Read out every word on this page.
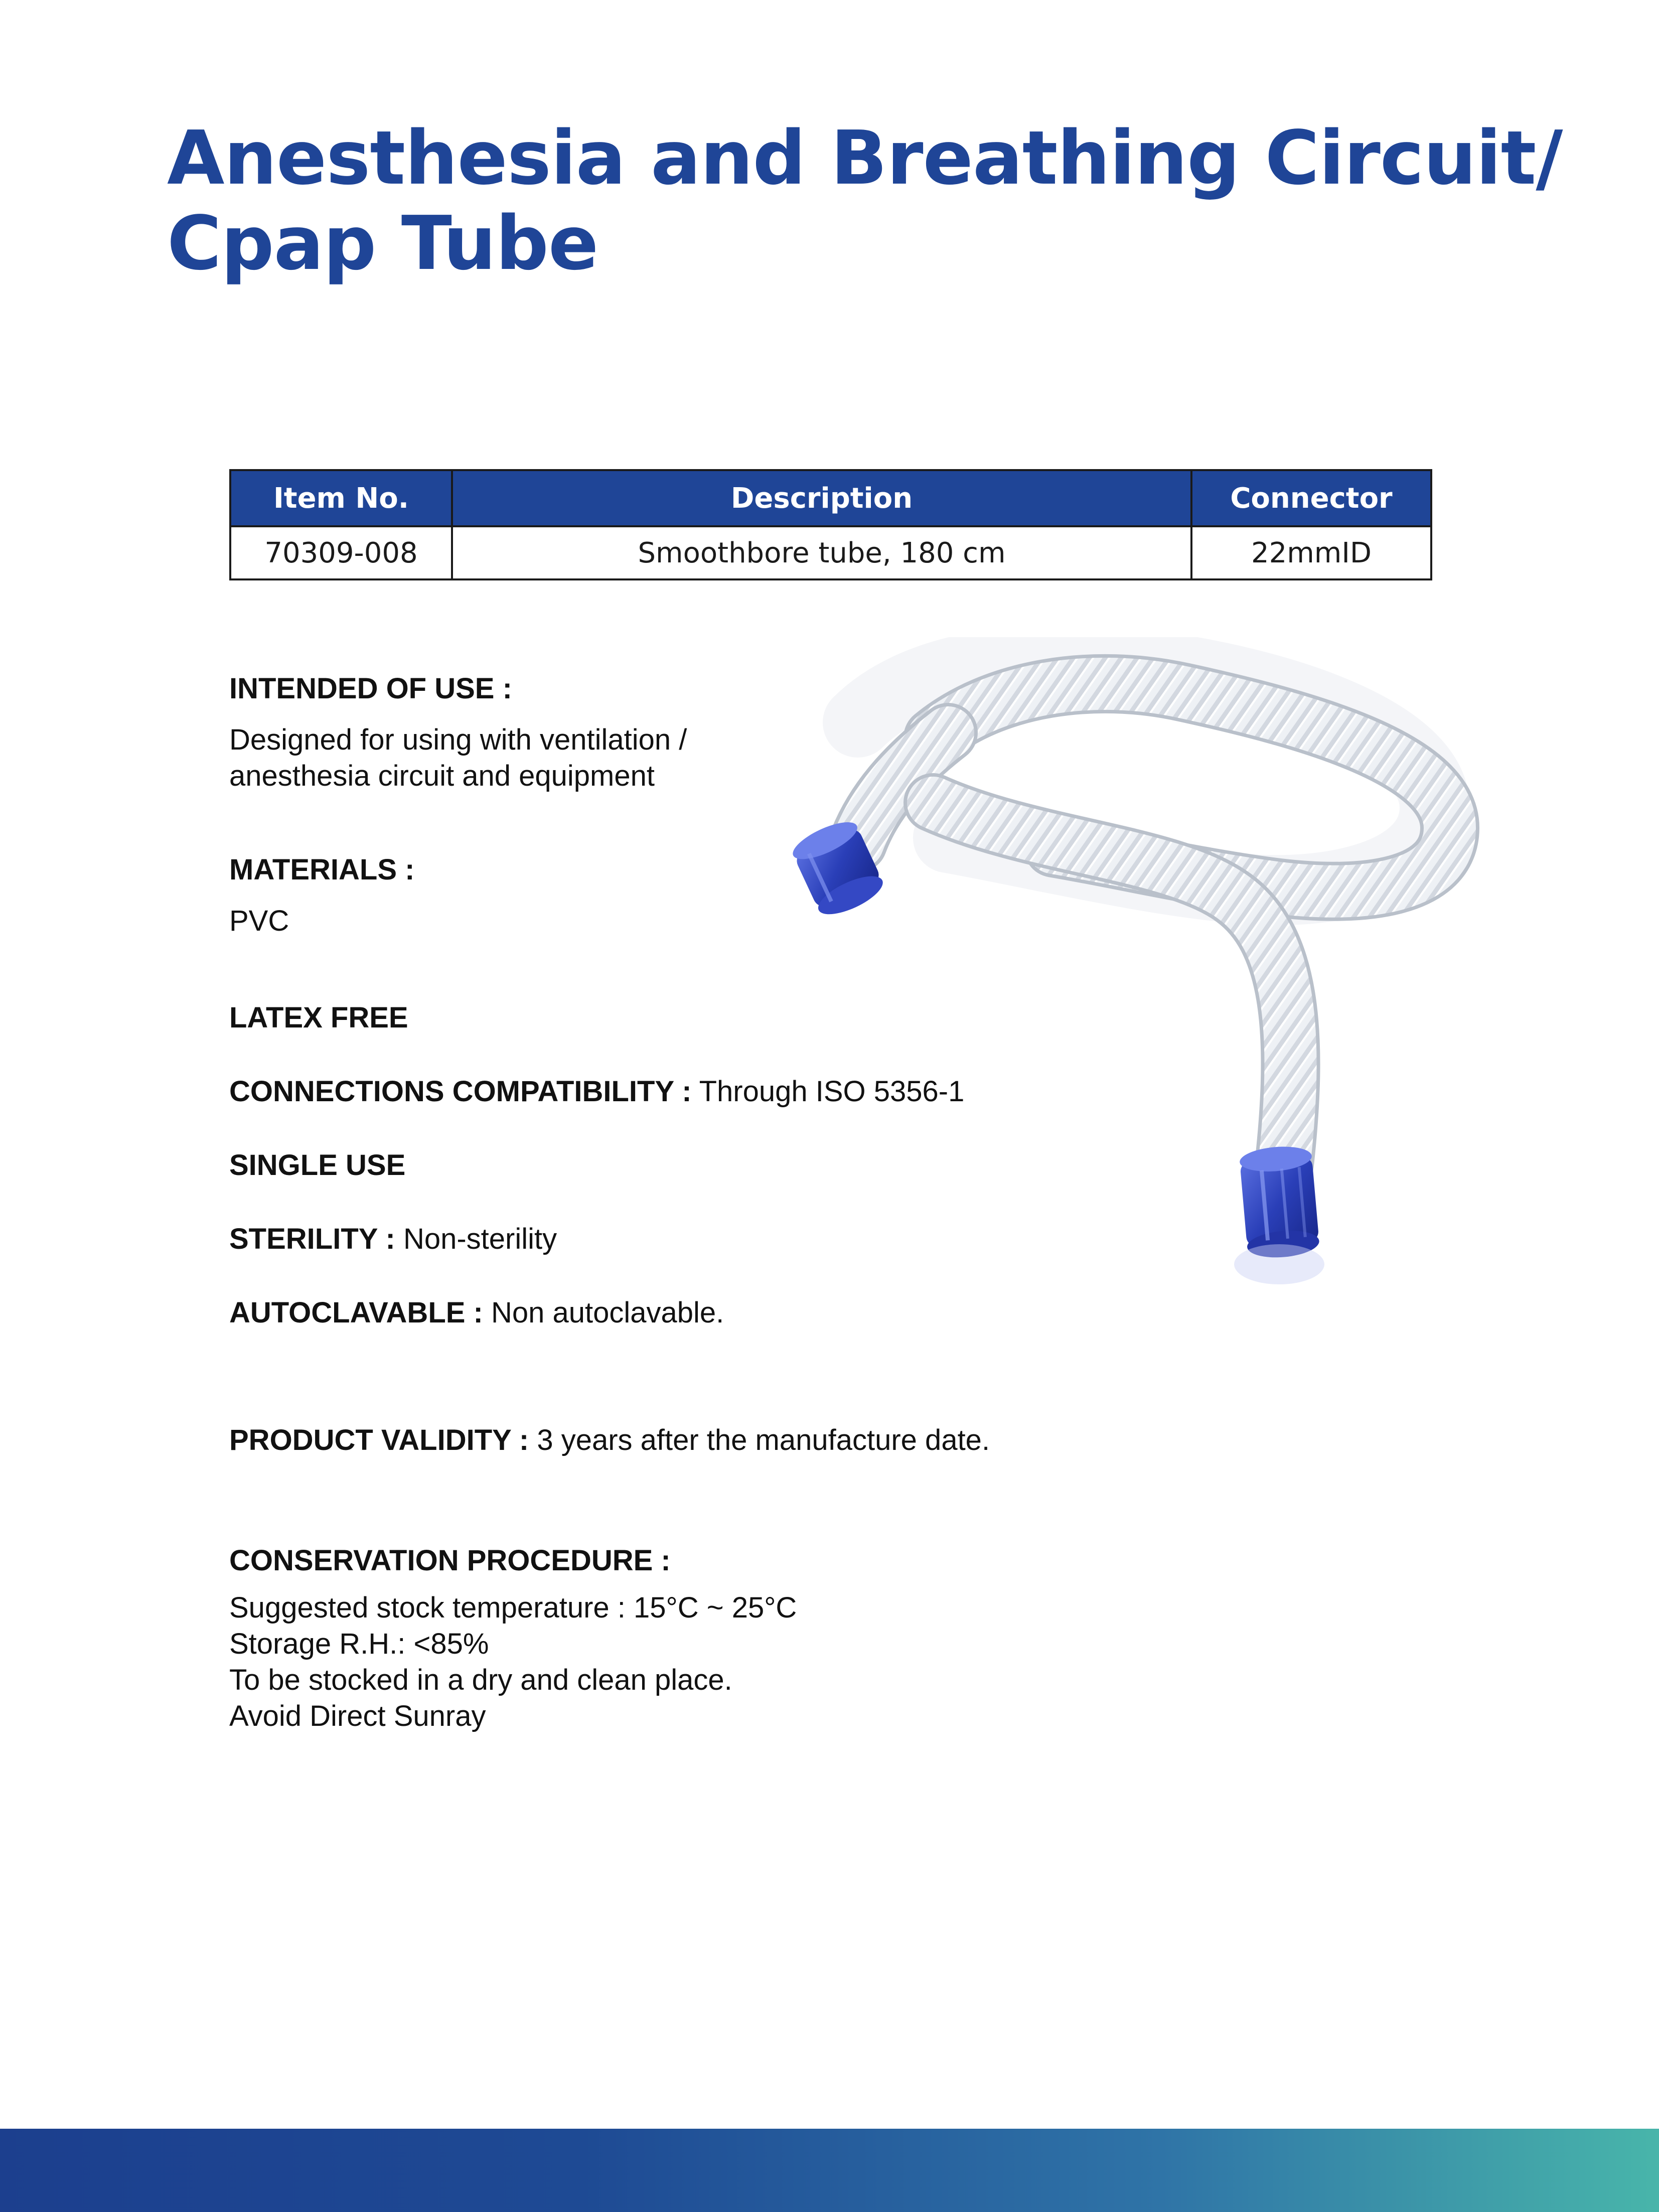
Anesthesia and Breathing Circuit/
Cpap Tube
Item No.	Description	Connector
70309-008	Smoothbore tube, 180 cm	22mmID
INTENDED OF USE :
Designed for using with ventilation /
anesthesia circuit and equipment
MATERIALS :
PVC
LATEX FREE
CONNECTIONS COMPATIBILITY : Through ISO 5356-1
SINGLE USE
STERILITY : Non-sterility
AUTOCLAVABLE : Non autoclavable.
PRODUCT VALIDITY : 3 years after the manufacture date.
CONSERVATION PROCEDURE :
Suggested stock temperature : 15°C ~ 25°C
Storage R.H.: <85%
To be stocked in a dry and clean place.
Avoid Direct Sunray
